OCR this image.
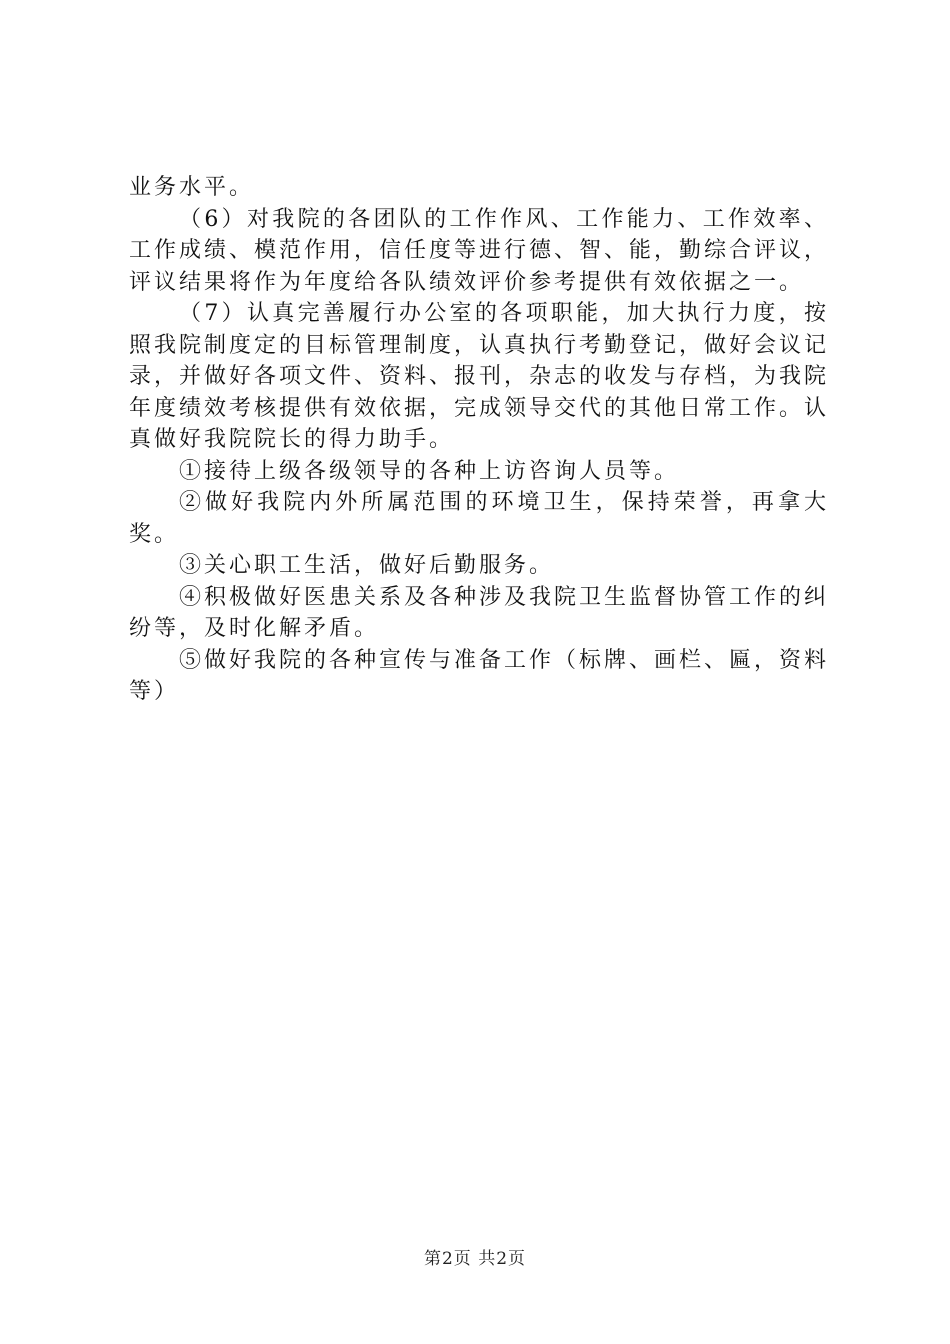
业务水平。

（6）对我院的各团队的工作作风、工作能力、工作效率、工作成绩、模范作用，信任度等进行德、智、能，勤综合评议，评议结果将作为年度给各队绩效评价参考提供有效依据之一。

（7）认真完善履行办公室的各项职能，加大执行力度，按照我院制度定的目标管理制度，认真执行考勤登记，做好会议记录，并做好各项文件、资料、报刊，杂志的收发与存档，为我院年度绩效考核提供有效依据，完成领导交代的其他日常工作。认真做好我院院长的得力助手。

①接待上级各级领导的各种上访咨询人员等。

②做好我院内外所属范围的环境卫生，保持荣誉，再拿大奖。

③关心职工生活，做好后勤服务。

④积极做好医患关系及各种涉及我院卫生监督协管工作的纠纷等，及时化解矛盾。

⑤做好我院的各种宣传与准备工作（标牌、画栏、匾，资料等）

第2页 共2页
